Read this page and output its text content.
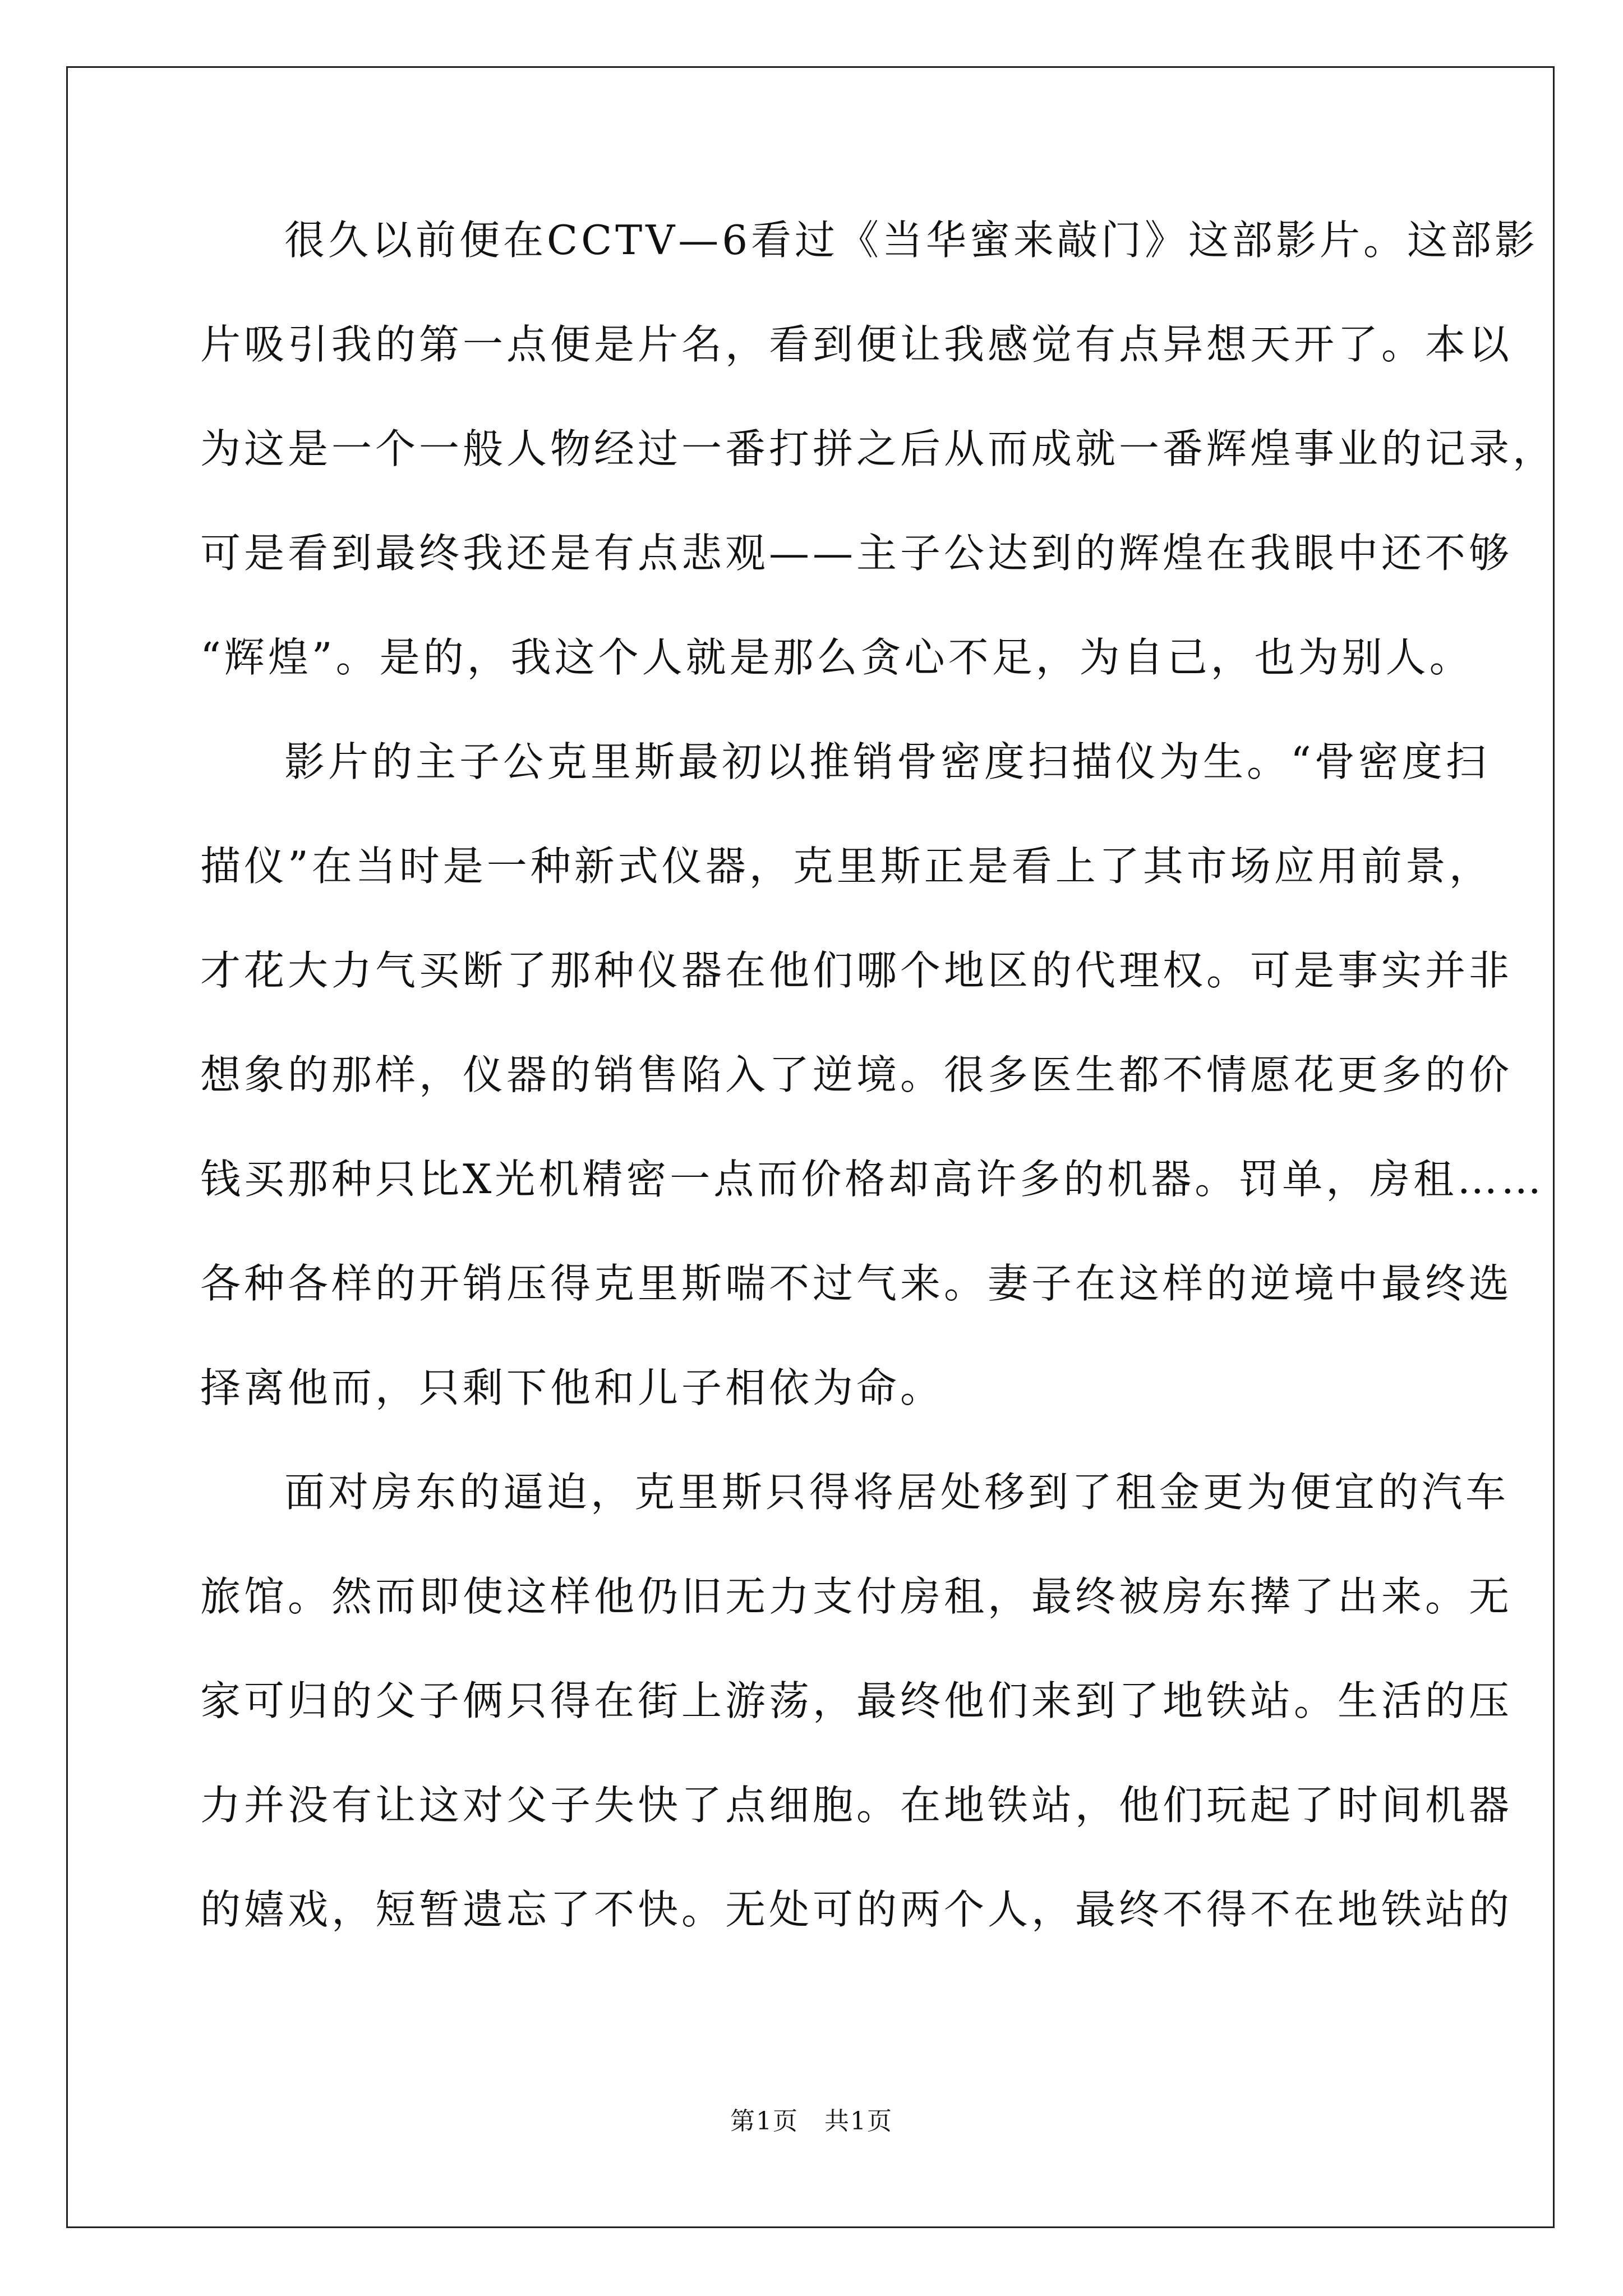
很久以前便在CCTV—6看过《当华蜜来敲门》这部影片。这部影
片吸引我的第一点便是片名，看到便让我感觉有点异想天开了。本以
为这是一个一般人物经过一番打拼之后从而成就一番辉煌事业的记录，
可是看到最终我还是有点悲观——主子公达到的辉煌在我眼中还不够
“辉煌”。是的，我这个人就是那么贪心不足，为自己，也为别人。
影片的主子公克里斯最初以推销骨密度扫描仪为生。“骨密度扫
描仪”在当时是一种新式仪器，克里斯正是看上了其市场应用前景，
才花大力气买断了那种仪器在他们哪个地区的代理权。可是事实并非
想象的那样，仪器的销售陷入了逆境。很多医生都不情愿花更多的价
钱买那种只比X光机精密一点而价格却高许多的机器。罚单，房租……
各种各样的开销压得克里斯喘不过气来。妻子在这样的逆境中最终选
择离他而，只剩下他和儿子相依为命。
面对房东的逼迫，克里斯只得将居处移到了租金更为便宜的汽车
旅馆。然而即使这样他仍旧无力支付房租，最终被房东撵了出来。无
家可归的父子俩只得在街上游荡，最终他们来到了地铁站。生活的压
力并没有让这对父子失快了点细胞。在地铁站，他们玩起了时间机器
的嬉戏，短暂遗忘了不快。无处可的两个人，最终不得不在地铁站的
第1页　共1页
